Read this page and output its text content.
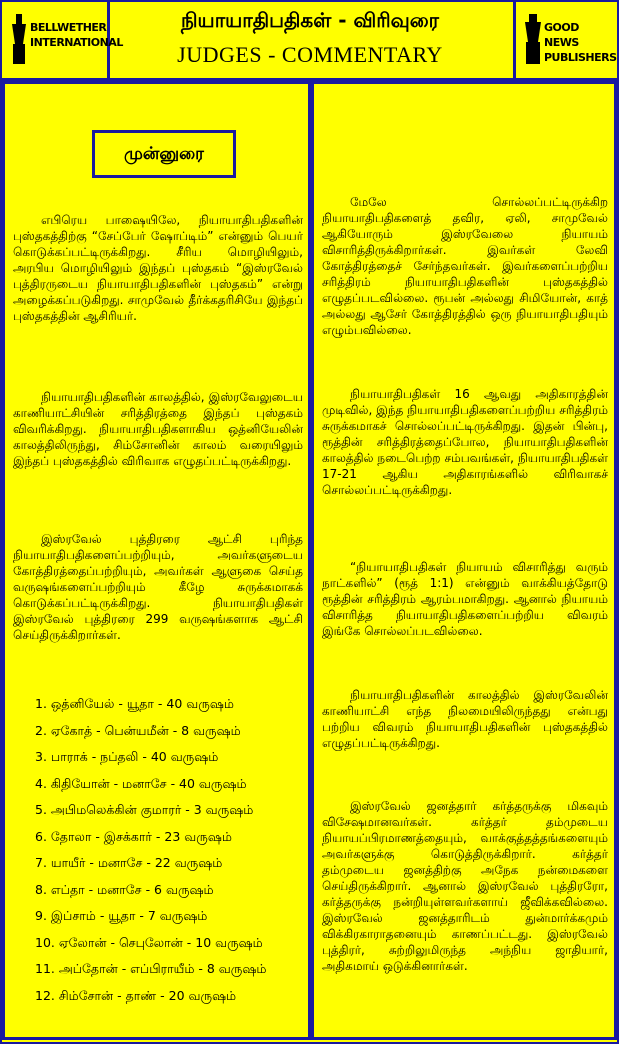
BELLWETHER
INTERNATIONAL
நியாயாதிபதிகள் - விரிவுரை
JUDGES - COMMENTARY
GOOD NEWS
PUBLISHERS
முன்னுரை

எபிரெய பாஷையிலே, நியாயாதிபதிகளின் புஸ்தகத்திற்கு “சேப்பேர் ஷோப்டிம்” என்னும் பெயர் கொடுக்கப்பட்டிருக்கிறது. சீரிய மொழியிலும், அரபிய மொழியிலும் இந்தப் புஸ்தகம் “இஸ்ரவேல் புத்திரருடைய நியாயாதிபதிகளின் புஸ்தகம்” என்று அழைக்கப்படுகிறது. சாமுவேல் தீர்க்கதரிசியே இந்தப் புஸ்தகத்தின் ஆசிரியர்.

நியாயாதிபதிகளின் காலத்தில், இஸ்ரவேலுடைய காணியாட்சியின் சரித்திரத்தை இந்தப் புஸ்தகம் விவரிக்கிறது. நியாயாதிபதிகளாகிய ஒத்னியேலின் காலத்திலிருந்து, சிம்சோனின் காலம் வரையிலும் இந்தப் புஸ்தகத்தில் விரிவாக எழுதப்பட்டிருக்கிறது.

இஸ்ரவேல் புத்திரரை ஆட்சி புரிந்த நியாயாதிபதிகளைப்பற்றியும், அவர்களுடைய கோத்திரத்தைப்பற்றியும், அவர்கள் ஆளுகை செய்த வருஷங்களைப்பற்றியும் கீழே சுருக்கமாகக் கொடுக்கப்பட்டிருக்கிறது. நியாயாதிபதிகள் இஸ்ரவேல் புத்திரரை 299 வருஷங்களாக ஆட்சி செய்திருக்கிறார்கள்.

1. ஒத்னியேல் - யூதா - 40 வருஷம்
2. ஏகோத் - பென்யமீன் - 8 வருஷம்
3. பாராக் - நப்தலி - 40 வருஷம்
4. கிதியோன் - மனாசே - 40 வருஷம்
5. அபிமலெக்கின் குமாரர் - 3 வருஷம்
6. தோலா - இசக்கார் - 23 வருஷம்
7. யாயீர் - மனாசே - 22 வருஷம்
8. எப்தா - மனாசே - 6 வருஷம்
9. இப்சாம் - யூதா - 7 வருஷம்
10. ஏலோன் - செபுலோன் - 10 வருஷம்
11. அப்தோன் - எப்பிராயீம் - 8 வருஷம்
12. சிம்சோன் - தாண் - 20 வருஷம்

மேலே சொல்லப்பட்டிருக்கிற நியாயாதிபதிகளைத் தவிர, ஏலி, சாமுவேல் ஆகியோரும் இஸ்ரவேலை நியாயம் விசாரித்திருக்கிறார்கள். இவர்கள் லேவி கோத்திரத்தைச் சேர்ந்தவர்கள். இவர்களைப்பற்றிய சரித்திரம் நியாயாதிபதிகளின் புஸ்தகத்தில் எழுதப்படவில்லை. ரூபன் அல்லது சிமியோன், காத் அல்லது ஆசேர் கோத்திரத்தில் ஒரு நியாயாதிபதியும் எழும்பவில்லை.

நியாயாதிபதிகள் 16 ஆவது அதிகாரத்தின் முடிவில், இந்த நியாயாதிபதிகளைப்பற்றிய சரித்திரம் சுருக்கமாகச் சொல்லப்பட்டிருக்கிறது. இதன் பின்பு, ரூத்தின் சரித்திரத்தைப்போல, நியாயாதிபதிகளின் காலத்தில் நடைபெற்ற சம்பவங்கள், நியாயாதிபதிகள் 17-21 ஆகிய அதிகாரங்களில் விரிவாகச் சொல்லப்பட்டிருக்கிறது.

“நியாயாதிபதிகள் நியாயம் விசாரித்து வரும் நாட்களில்” (ரூத் 1:1) என்னும் வாக்கியத்தோடு ரூத்தின் சரித்திரம் ஆரம்பமாகிறது. ஆனால் நியாயம் விசாரித்த நியாயாதிபதிகளைப்பற்றிய விவரம் இங்கே சொல்லப்படவில்லை.

நியாயாதிபதிகளின் காலத்தில் இஸ்ரவேலின் காணியாட்சி எந்த நிலமையிலிருந்தது என்பது பற்றிய விவரம் நியாயாதிபதிகளின் புஸ்தகத்தில் எழுதப்பட்டிருக்கிறது.

இஸ்ரவேல் ஜனத்தார் கர்த்தருக்கு மிகவும் விசேஷமானவர்கள். கர்த்தர் தம்முடைய நியாயப்பிரமாணத்தையும், வாக்குத்தத்தங்களையும் அவர்களுக்கு கொடுத்திருக்கிறார். கர்த்தர் தம்முடைய ஜனத்திற்கு அநேக நன்மைகளை செய்திருக்கிறார். ஆனால் இஸ்ரவேல் புத்திரரோ, கர்த்தருக்கு நன்றியுள்ளவர்களாய் ஜீவிக்கவில்லை. இஸ்ரவேல் ஜனத்தாரிடம் துன்மார்க்கமும் விக்கிரகாராதனையும் காணப்பட்டது. இஸ்ரவேல் புத்திரர், சுற்றிலுமிருந்த அந்நிய ஜாதியார், அதிகமாய் ஒடுக்கினார்கள்.
